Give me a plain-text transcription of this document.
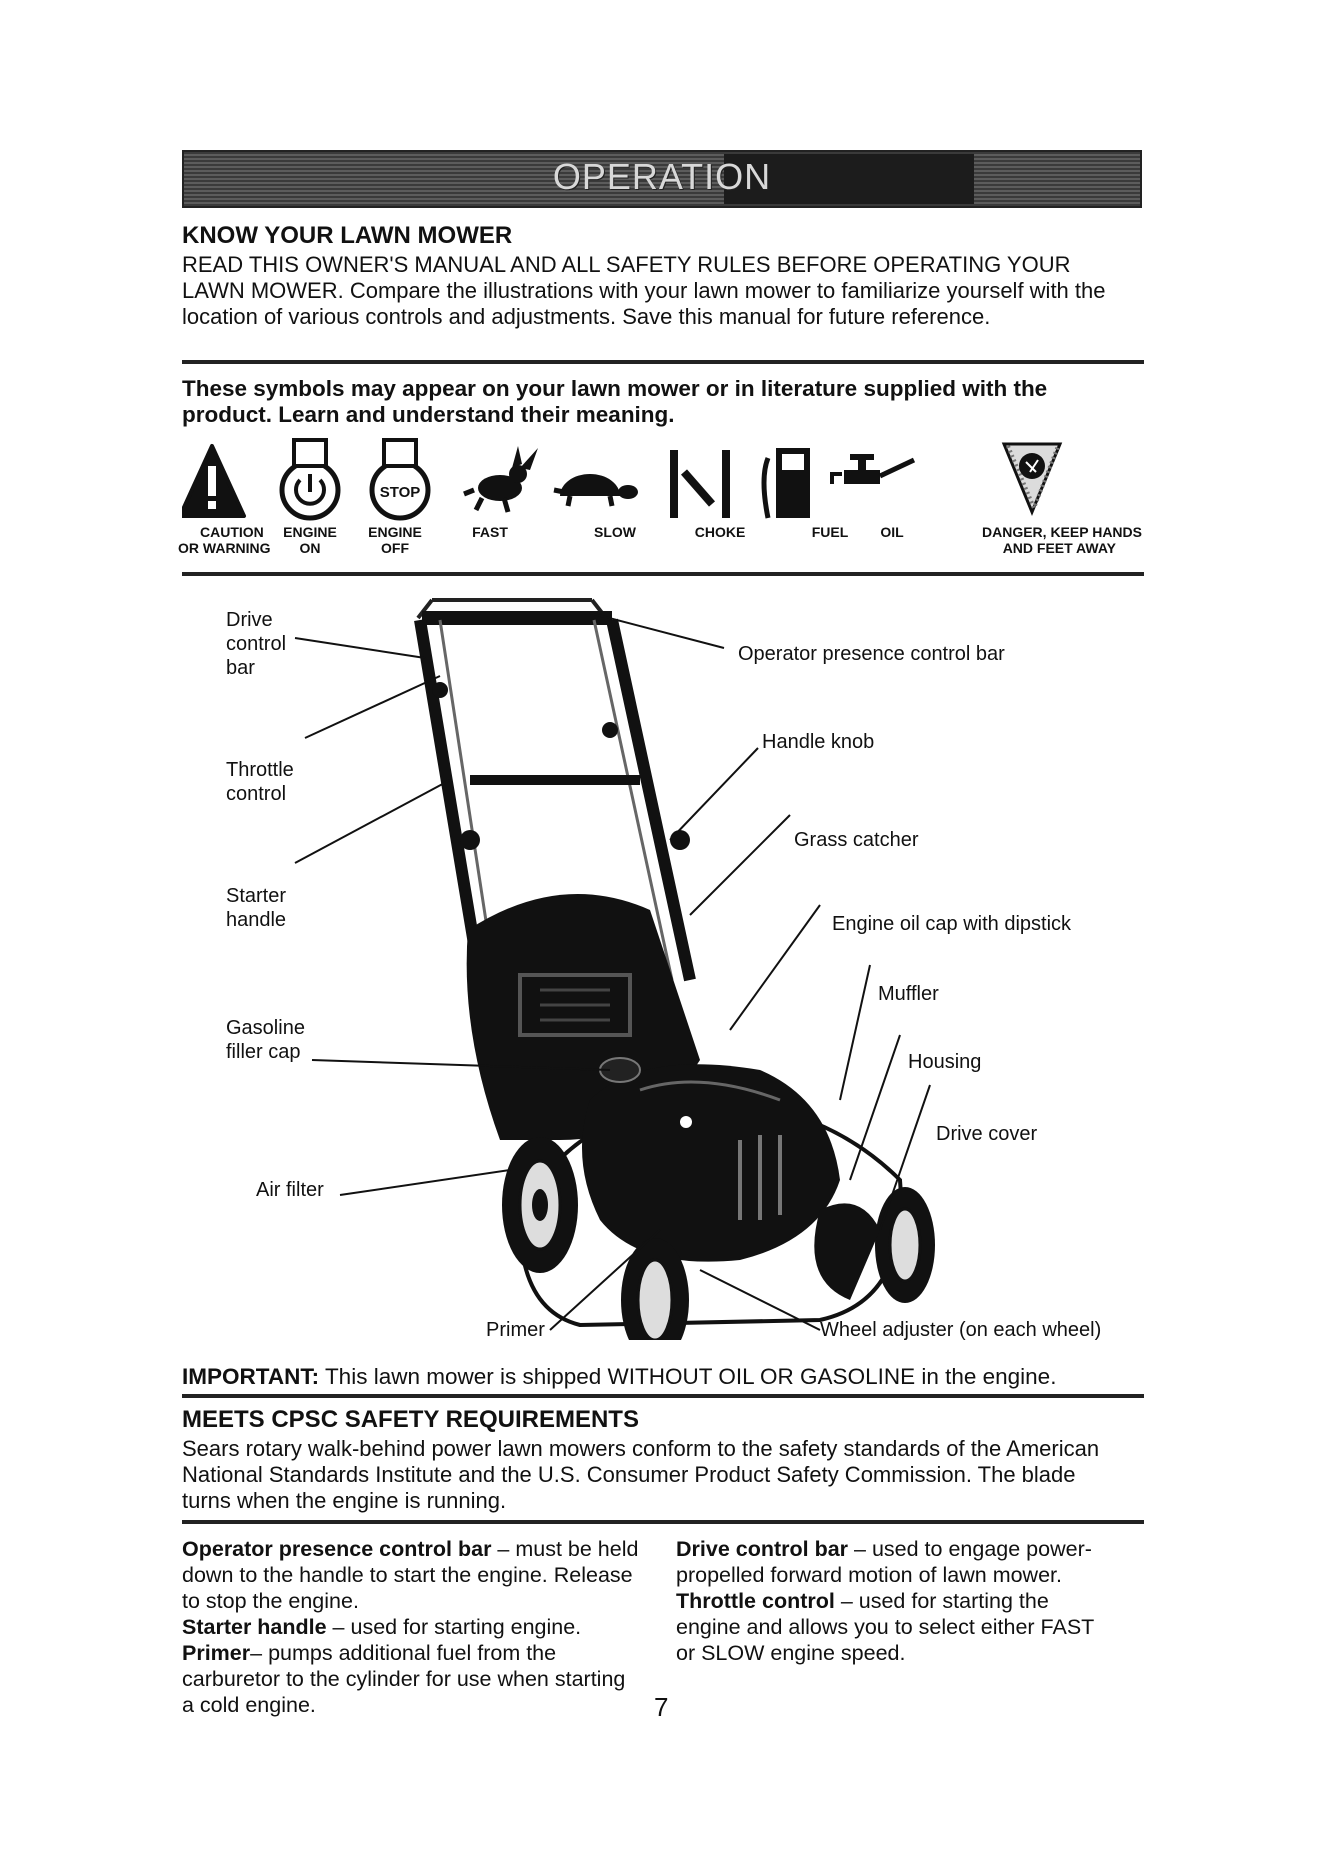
OPERATION
KNOW YOUR LAWN MOWER

READ THIS OWNER'S MANUAL AND ALL SAFETY RULES BEFORE OPERATING YOUR LAWN MOWER. Compare the illustrations with your lawn mower to familiarize yourself with the location of various controls and adjustments. Save this manual for future reference.

These symbols may appear on your lawn mower or in literature supplied with the product. Learn and understand their meaning.

STOP
CAUTION
OR WARNING
ENGINE
ON
ENGINE
OFF
FAST	SLOW	CHOKE	FUEL	OIL	DANGER, KEEP HANDS
AND FEET AWAY
Drive
control
bar
Operator presence control bar
Handle knob
Throttle
control
Grass catcher
Starter
handle	Engine oil cap with dipstick
Muffler
Gasoline
filler cap	Housing
Drive cover
Air filter
Primer	Wheel adjuster (on each wheel)

IMPORTANT: This lawn mower is shipped WITHOUT OIL OR GASOLINE in the engine.

MEETS CPSC SAFETY REQUIREMENTS

Sears rotary walk-behind power lawn mowers conform to the safety standards of the American National Standards Institute and the U.S. Consumer Product Safety Commission. The blade turns when the engine is running.

Operator presence control bar – must be held down to the handle to start the engine. Release to stop the engine.
Starter handle – used for starting engine.
Primer– pumps additional fuel from the carburetor to the cylinder for use when starting a cold engine.
Drive control bar – used to engage power-propelled forward motion of lawn mower.
Throttle control – used for starting the engine and allows you to select either FAST or SLOW engine speed.
7
